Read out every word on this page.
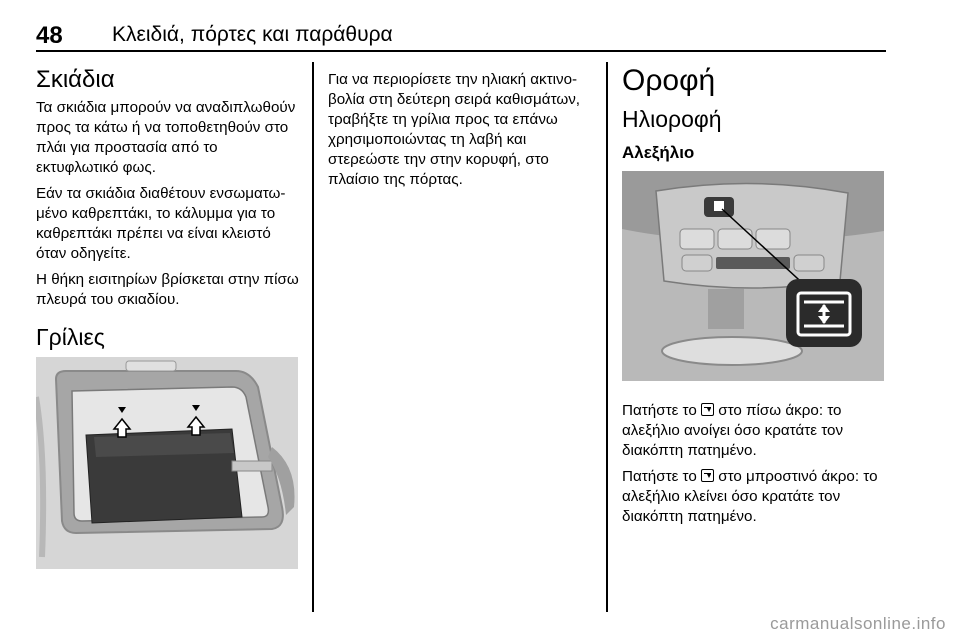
48 Κλειδιά, πόρτες και παράθυρα
Σκιάδια

Τα σκιάδια μπορούν να αναδιπλωθούν προς τα κάτω ή να τοποθετηθούν στο πλάι για προστασία από το εκτυφλωτικό φως.

Εάν τα σκιάδια διαθέτουν ενσωματωμένο καθρεπτάκι, το κάλυμμα για το καθρεπτάκι πρέπει να είναι κλειστό όταν οδηγείτε.

Η θήκη εισιτηρίων βρίσκεται στην πίσω πλευρά του σκιαδίου.

Γρίλιες

Για να περιορίσετε την ηλιακή ακτινοβολία στη δεύτερη σειρά καθισμάτων, τραβήξτε τη γρίλια προς τα επάνω χρησιμοποιώντας τη λαβή και στερεώστε την στην κορυφή, στο πλαίσιο της πόρτας.

Οροφή
Ηλιοροφή
Αλεξήλιο

Πατήστε το  στο πίσω άκρο: το αλεξήλιο ανοίγει όσο κρατάτε τον διακόπτη πατημένο.

Πατήστε το  στο μπροστινό άκρο: το αλεξήλιο κλείνει όσο κρατάτε τον διακόπτη πατημένο.

carmanualsonline.info
